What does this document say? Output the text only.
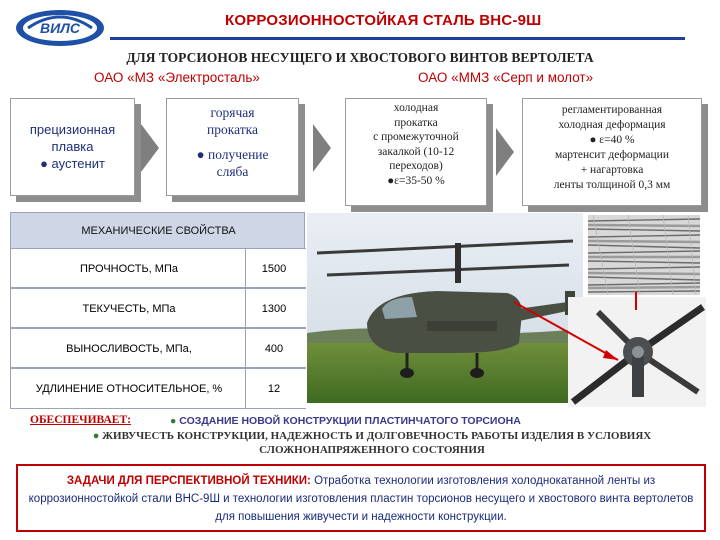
ВИЛС	КОРРОЗИОННОСТОЙКАЯ СТАЛЬ ВНС-9Ш
ДЛЯ ТОРСИОНОВ НЕСУЩЕГО И ХВОСТОВОГО ВИНТОВ ВЕРТОЛЕТА
ОАО «МЗ «Электросталь»	ОАО «ММЗ «Серп и молот»
прецизионная
плавка
● аустенит
горячая
прокатка
● получение
сляба
холодная
прокатка
с промежуточной
закалкой (10-12
переходов)
●ε=35-50 %
регламентированная
холодная деформация
● ε=40 %
мартенсит деформации
+ нагартовка
ленты толщиной 0,3 мм
МЕХАНИЧЕСКИЕ СВОЙСТВА
ПРОЧНОСТЬ, МПа	1500
ТЕКУЧЕСТЬ, МПа	1300
ВЫНОСЛИВОСТЬ, МПа,	400
УДЛИНЕНИЕ ОТНОСИТЕЛЬНОЕ, %	12
ОБЕСПЕЧИВАЕТ:	● СОЗДАНИЕ НОВОЙ КОНСТРУКЦИИ ПЛАСТИНЧАТОГО ТОРСИОНА
● ЖИВУЧЕСТЬ КОНСТРУКЦИИ, НАДЕЖНОСТЬ И ДОЛГОВЕЧНОСТЬ РАБОТЫ ИЗДЕЛИЯ В УСЛОВИЯХ СЛОЖНОНАПРЯЖЕННОГО СОСТОЯНИЯ
ЗАДАЧИ ДЛЯ ПЕРСПЕКТИВНОЙ ТЕХНИКИ: Отработка технологии изготовления холоднокатанной ленты из коррозионностойкой стали ВНС-9Ш и технологии изготовления пластин торсионов несущего и хвостового винта вертолетов для повышения живучести и надежности конструкции.
